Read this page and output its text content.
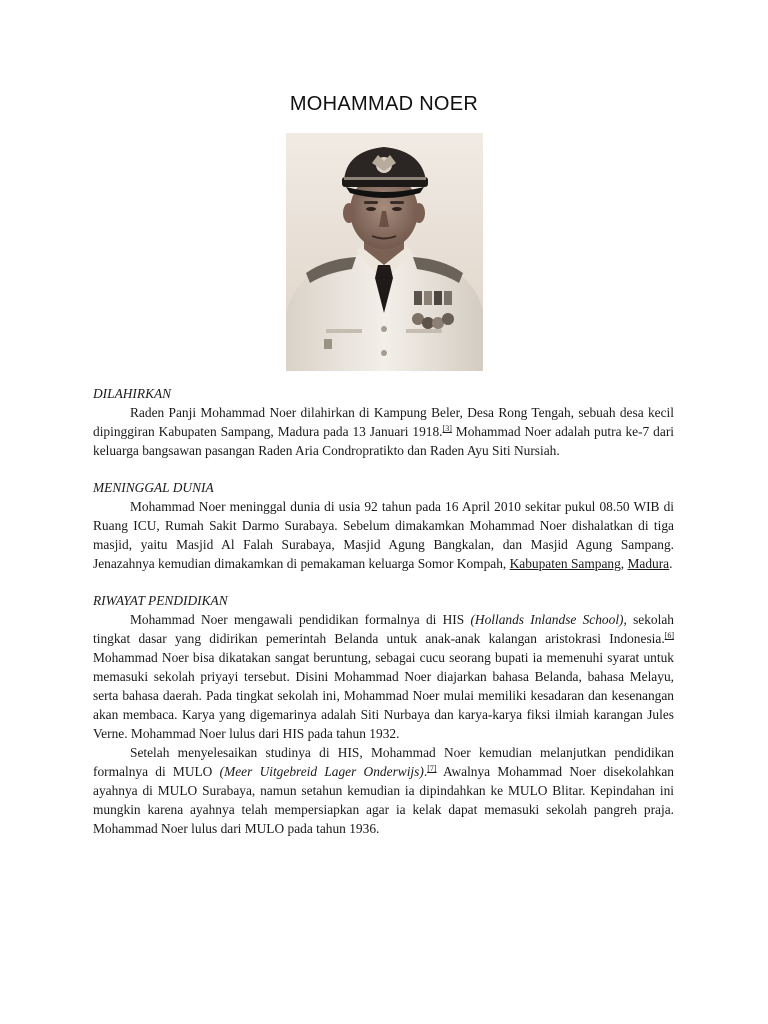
MOHAMMAD NOER

DILAHIRKAN

Raden Panji Mohammad Noer dilahirkan di Kampung Beler, Desa Rong Tengah, sebuah desa kecil dipinggiran Kabupaten Sampang, Madura pada 13 Januari 1918.[3] Mohammad Noer adalah putra ke-7 dari keluarga bangsawan pasangan Raden Aria Condropratikto dan Raden Ayu Siti Nursiah.

MENINGGAL DUNIA

Mohammad Noer meninggal dunia di usia 92 tahun pada 16 April 2010 sekitar pukul 08.50 WIB di Ruang ICU, Rumah Sakit Darmo Surabaya. Sebelum dimakamkan Mohammad Noer dishalatkan di tiga masjid, yaitu Masjid Al Falah Surabaya, Masjid Agung Bangkalan, dan Masjid Agung Sampang. Jenazahnya kemudian dimakamkan di pemakaman keluarga Somor Kompah, Kabupaten Sampang, Madura.

RIWAYAT PENDIDIKAN

Mohammad Noer mengawali pendidikan formalnya di HIS (Hollands Inlandse School), sekolah tingkat dasar yang didirikan pemerintah Belanda untuk anak-anak kalangan aristokrasi Indonesia.[6] Mohammad Noer bisa dikatakan sangat beruntung, sebagai cucu seorang bupati ia memenuhi syarat untuk memasuki sekolah priyayi tersebut. Disini Mohammad Noer diajarkan bahasa Belanda, bahasa Melayu, serta bahasa daerah. Pada tingkat sekolah ini, Mohammad Noer mulai memiliki kesadaran dan kesenangan akan membaca. Karya yang digemarinya adalah Siti Nurbaya dan karya-karya fiksi ilmiah karangan Jules Verne. Mohammad Noer lulus dari HIS pada tahun 1932.

Setelah menyelesaikan studinya di HIS, Mohammad Noer kemudian melanjutkan pendidikan formalnya di MULO (Meer Uitgebreid Lager Onderwijs).[7] Awalnya Mohammad Noer disekolahkan ayahnya di MULO Surabaya, namun setahun kemudian ia dipindahkan ke MULO Blitar. Kepindahan ini mungkin karena ayahnya telah mempersiapkan agar ia kelak dapat memasuki sekolah pangreh praja. Mohammad Noer lulus dari MULO pada tahun 1936.
